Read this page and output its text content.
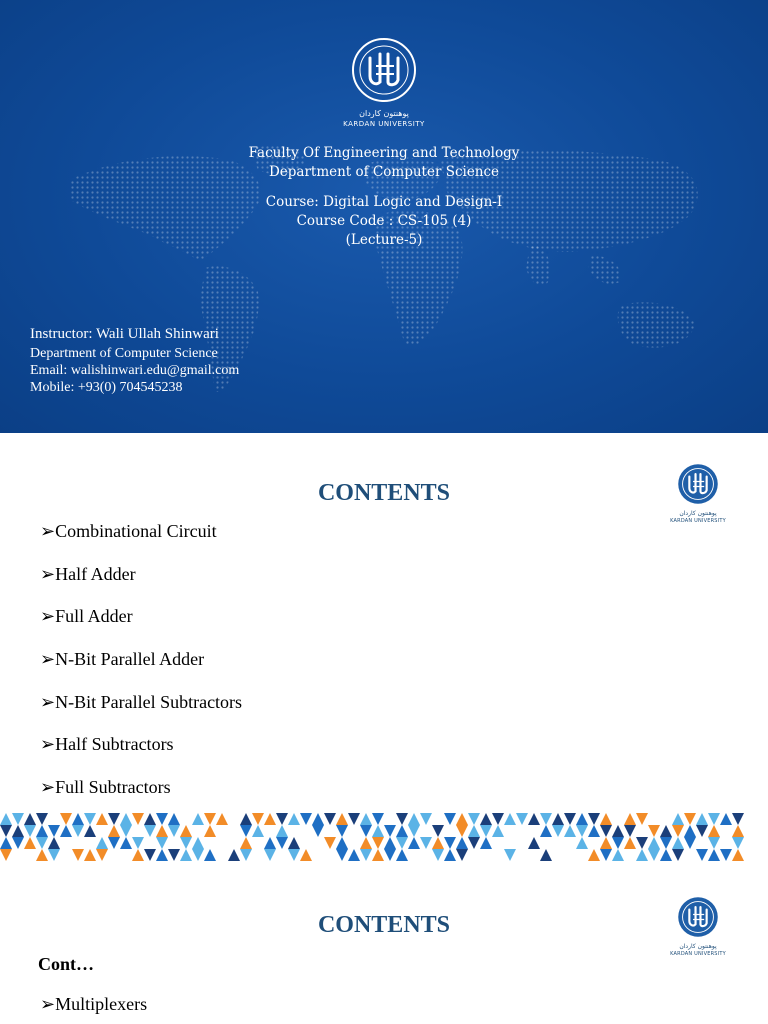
پوهنتون کاردان
KARDAN UNIVERSITY
Faculty Of Engineering and Technology
Department of Computer Science
Course: Digital Logic and Design-I
Course Code : CS-105 (4)
(Lecture-5)
Instructor: Wali Ullah Shinwari
Department of Computer Science
Email: walishinwari.edu@gmail.com
Mobile: +93(0) 704545238
CONTENTS
پوهنتون کاردان
KARDAN UNIVERSITY
➢Combinational Circuit
➢Half Adder
➢Full Adder
➢N-Bit Parallel Adder
➢N-Bit Parallel Subtractors
➢Half Subtractors
➢Full Subtractors
CONTENTS
پوهنتون کاردان
KARDAN UNIVERSITY
Cont…
➢Multiplexers
